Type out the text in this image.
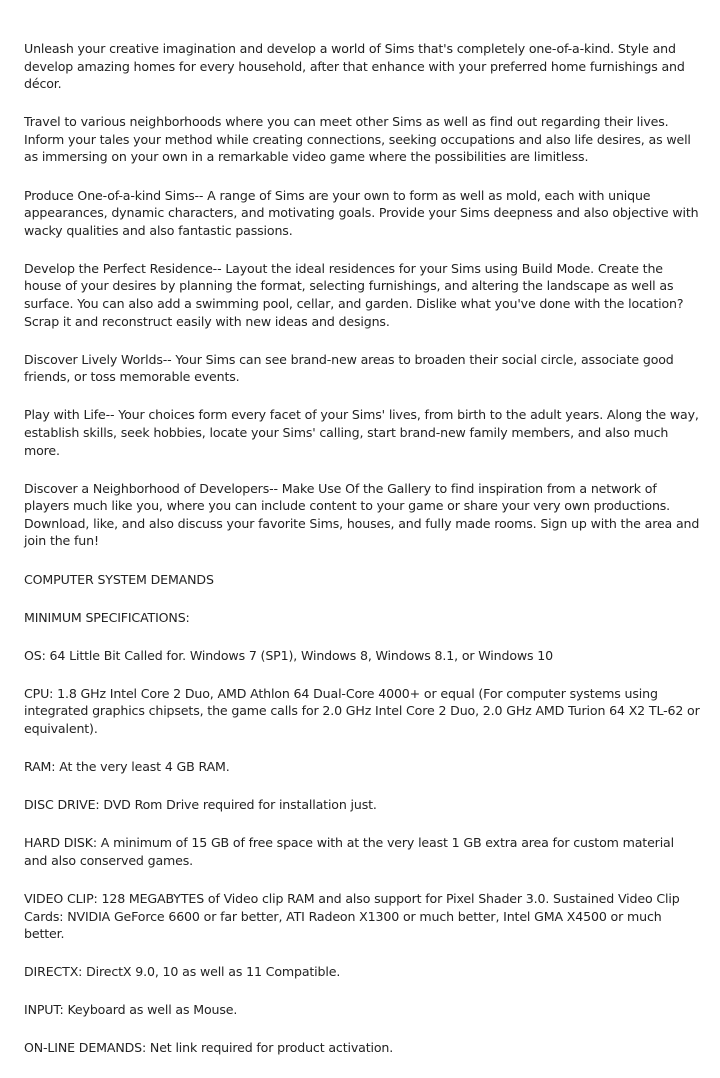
Unleash your creative imagination and develop a world of Sims that's completely one-of-a-kind. Style and develop amazing homes for every household, after that enhance with your preferred home furnishings and décor.

Travel to various neighborhoods where you can meet other Sims as well as find out regarding their lives. Inform your tales your method while creating connections, seeking occupations and also life desires, as well as immersing on your own in a remarkable video game where the possibilities are limitless.

Produce One-of-a-kind Sims-- A range of Sims are your own to form as well as mold, each with unique appearances, dynamic characters, and motivating goals. Provide your Sims deepness and also objective with wacky qualities and also fantastic passions.

Develop the Perfect Residence-- Layout the ideal residences for your Sims using Build Mode. Create the house of your desires by planning the format, selecting furnishings, and altering the landscape as well as surface. You can also add a swimming pool, cellar, and garden. Dislike what you've done with the location? Scrap it and reconstruct easily with new ideas and designs.

Discover Lively Worlds-- Your Sims can see brand-new areas to broaden their social circle, associate good friends, or toss memorable events.

Play with Life-- Your choices form every facet of your Sims' lives, from birth to the adult years. Along the way, establish skills, seek hobbies, locate your Sims' calling, start brand-new family members, and also much more.

Discover a Neighborhood of Developers-- Make Use Of the Gallery to find inspiration from a network of players much like you, where you can include content to your game or share your very own productions. Download, like, and also discuss your favorite Sims, houses, and fully made rooms. Sign up with the area and join the fun!

COMPUTER SYSTEM DEMANDS

MINIMUM SPECIFICATIONS:

OS: 64 Little Bit Called for. Windows 7 (SP1), Windows 8, Windows 8.1, or Windows 10

CPU: 1.8 GHz Intel Core 2 Duo, AMD Athlon 64 Dual-Core 4000+ or equal (For computer systems using integrated graphics chipsets, the game calls for 2.0 GHz Intel Core 2 Duo, 2.0 GHz AMD Turion 64 X2 TL-62 or equivalent).

RAM: At the very least 4 GB RAM.

DISC DRIVE: DVD Rom Drive required for installation just.

HARD DISK: A minimum of 15 GB of free space with at the very least 1 GB extra area for custom material and also conserved games.

VIDEO CLIP: 128 MEGABYTES of Video clip RAM and also support for Pixel Shader 3.0. Sustained Video Clip Cards: NVIDIA GeForce 6600 or far better, ATI Radeon X1300 or much better, Intel GMA X4500 or much better.

DIRECTX: DirectX 9.0, 10 as well as 11 Compatible.

INPUT: Keyboard as well as Mouse.

ON-LINE DEMANDS: Net link required for product activation.
